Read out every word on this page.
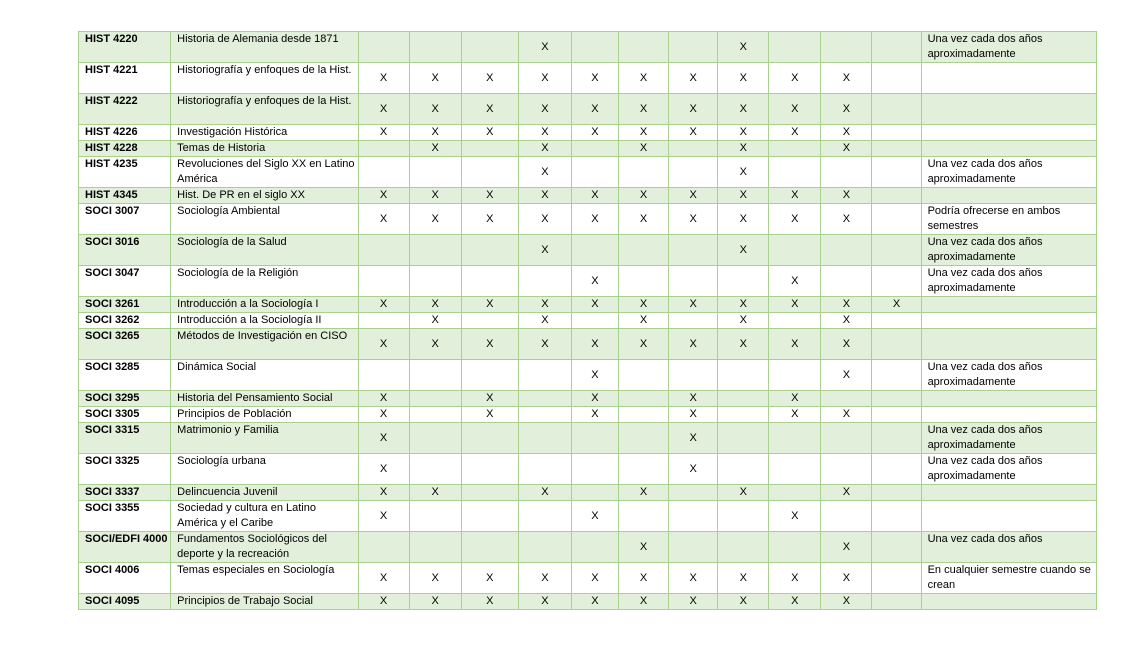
HIST 4220	Historia de Alemania desde 1871				X				X				Una vez cada dos años aproximadamente
HIST 4221	Historiografía y enfoques de la Hist.	X	X	X	X	X	X	X	X	X	X		
HIST 4222	Historiografía y enfoques de la Hist.	X	X	X	X	X	X	X	X	X	X		
HIST 4226	Investigación Histórica	X	X	X	X	X	X	X	X	X	X		
HIST 4228	Temas de Historia		X		X		X		X		X		
HIST 4235	Revoluciones del Siglo XX en Latino América				X				X				Una vez cada dos años aproximadamente
HIST 4345	Hist. De PR en el siglo XX	X	X	X	X	X	X	X	X	X	X		
SOCI 3007	Sociología Ambiental	X	X	X	X	X	X	X	X	X	X		Podría ofrecerse en ambos semestres
SOCI 3016	Sociología de la Salud				X				X				Una vez cada dos años aproximadamente
SOCI 3047	Sociología de la Religión					X				X			Una vez cada dos años aproximadamente
SOCI 3261	Introducción a la Sociología I	X	X	X	X	X	X	X	X	X	X	X	
SOCI 3262	Introducción a la Sociología II		X		X		X		X		X		
SOCI 3265	Métodos de Investigación en CISO	X	X	X	X	X	X	X	X	X	X		
SOCI 3285	Dinámica Social					X					X		Una vez cada dos años aproximadamente
SOCI 3295	Historia del Pensamiento Social	X		X		X		X		X			
SOCI 3305	Principios de Población	X		X		X		X		X	X		
SOCI 3315	Matrimonio y Familia	X						X					Una vez cada dos años aproximadamente
SOCI 3325	Sociología urbana	X						X					Una vez cada dos años aproximadamente
SOCI 3337	Delincuencia Juvenil	X	X		X		X		X		X		
SOCI 3355	Sociedad y cultura en Latino América y el Caribe	X				X				X			
SOCI/EDFI 4000	Fundamentos Sociológicos del deporte y la recreación						X				X		Una vez cada dos años
SOCI 4006	Temas especiales en Sociología	X	X	X	X	X	X	X	X	X	X		En cualquier semestre cuando se crean
SOCI 4095	Principios de Trabajo Social	X	X	X	X	X	X	X	X	X	X		
